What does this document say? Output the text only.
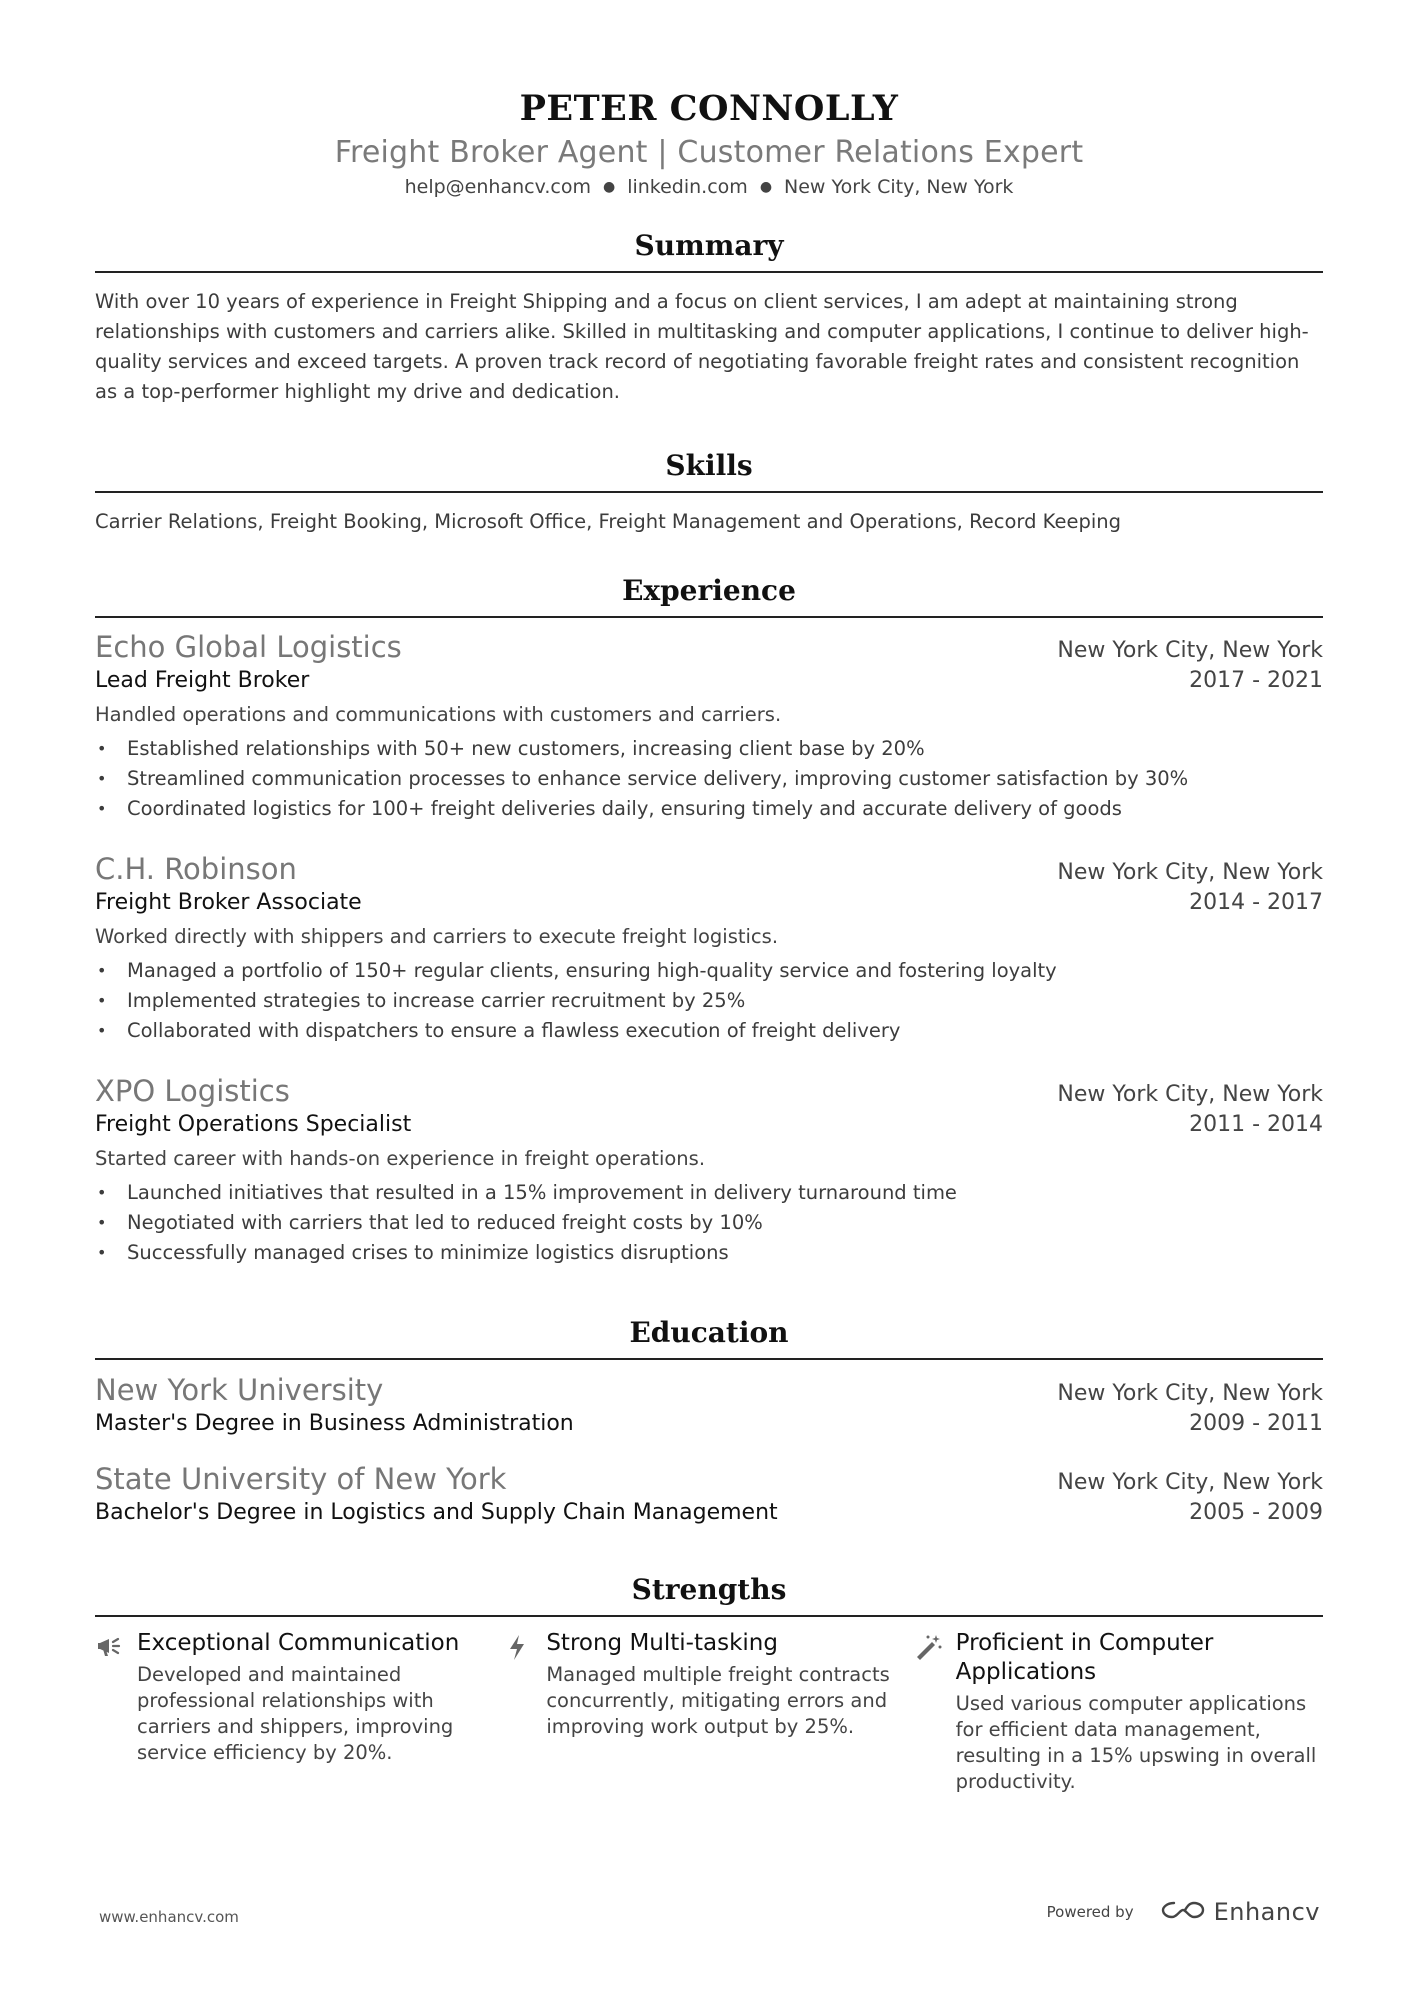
PETER CONNOLLY
Freight Broker Agent | Customer Relations Expert
help@enhancv.com ● linkedin.com ● New York City, New York
Summary
With over 10 years of experience in Freight Shipping and a focus on client services, I am adept at maintaining strong relationships with customers and carriers alike. Skilled in multitasking and computer applications, I continue to deliver high-quality services and exceed targets. A proven track record of negotiating favorable freight rates and consistent recognition as a top-performer highlight my drive and dedication.
Skills
Carrier Relations, Freight Booking, Microsoft Office, Freight Management and Operations, Record Keeping
Experience
Echo Global Logistics	New York City, New York
Lead Freight Broker	2017 - 2021
Handled operations and communications with customers and carriers.
• Established relationships with 50+ new customers, increasing client base by 20%
• Streamlined communication processes to enhance service delivery, improving customer satisfaction by 30%
• Coordinated logistics for 100+ freight deliveries daily, ensuring timely and accurate delivery of goods
C.H. Robinson	New York City, New York
Freight Broker Associate	2014 - 2017
Worked directly with shippers and carriers to execute freight logistics.
• Managed a portfolio of 150+ regular clients, ensuring high-quality service and fostering loyalty
• Implemented strategies to increase carrier recruitment by 25%
• Collaborated with dispatchers to ensure a flawless execution of freight delivery
XPO Logistics	New York City, New York
Freight Operations Specialist	2011 - 2014
Started career with hands-on experience in freight operations.
• Launched initiatives that resulted in a 15% improvement in delivery turnaround time
• Negotiated with carriers that led to reduced freight costs by 10%
• Successfully managed crises to minimize logistics disruptions
Education
New York University	New York City, New York
Master's Degree in Business Administration	2009 - 2011
State University of New York	New York City, New York
Bachelor's Degree in Logistics and Supply Chain Management	2005 - 2009
Strengths
Exceptional Communication
Developed and maintained professional relationships with carriers and shippers, improving service efficiency by 20%.
Strong Multi-tasking
Managed multiple freight contracts concurrently, mitigating errors and improving work output by 25%.
Proficient in Computer Applications
Used various computer applications for efficient data management, resulting in a 15% upswing in overall productivity.
www.enhancv.com	Powered by	Enhancv
